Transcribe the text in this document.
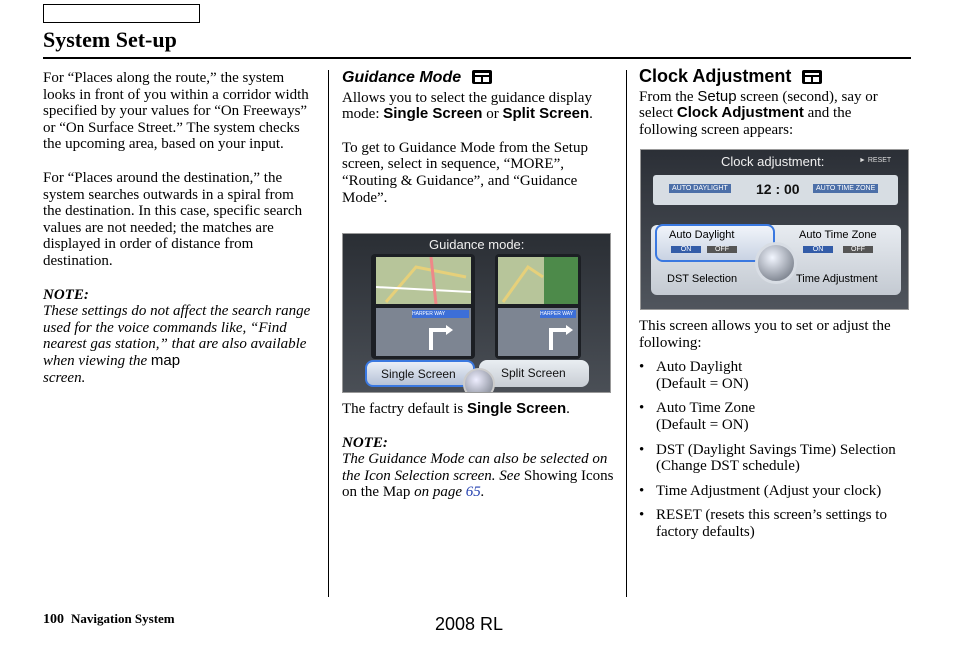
System Set-up

For “Places along the route,” the system looks in front of you within a corridor width specified by your values for “On Freeways” or “On Surface Street.” The system checks the upcoming area, based on your input.

For “Places around the destination,” the system searches outwards in a spiral from the destination. In this case, specific search values are not needed; the matches are displayed in order of distance from destination.

NOTE:

These settings do not affect the search range used for the voice commands like, “Find nearest gas station,” that are also available when viewing the map
screen.

Guidance Mode

Allows you to select the guidance display mode: Single Screen or Split Screen.

To get to Guidance Mode from the Setup screen, select in sequence, “MORE”, “Routing & Guidance”, and “Guidance Mode”.

Guidance mode:
HARPER WAY	HARPER WAY
Single Screen	Split Screen

The factry default is Single Screen.

NOTE:

The Guidance Mode can also be selected on the Icon Selection screen. See Showing Icons on the Map on page 65.

Clock Adjustment

From the Setup screen (second), say or select Clock Adjustment and the following screen appears:

Clock adjustment:	► RESET
AUTO DAYLIGHT 12 : 00	AUTO TIME ZONE
Auto Daylight
ON	OFF
Auto Time Zone
ON	OFF
DST Selection	Time Adjustment

This screen allows you to set or adjust the following:

• Auto Daylight
(Default = ON)
• Auto Time Zone
(Default = ON)
• DST (Daylight Savings Time) Selection
(Change DST schedule)
• Time Adjustment (Adjust your clock)
• RESET (resets this screen’s settings to factory defaults)
100 Navigation System	2008 RL
